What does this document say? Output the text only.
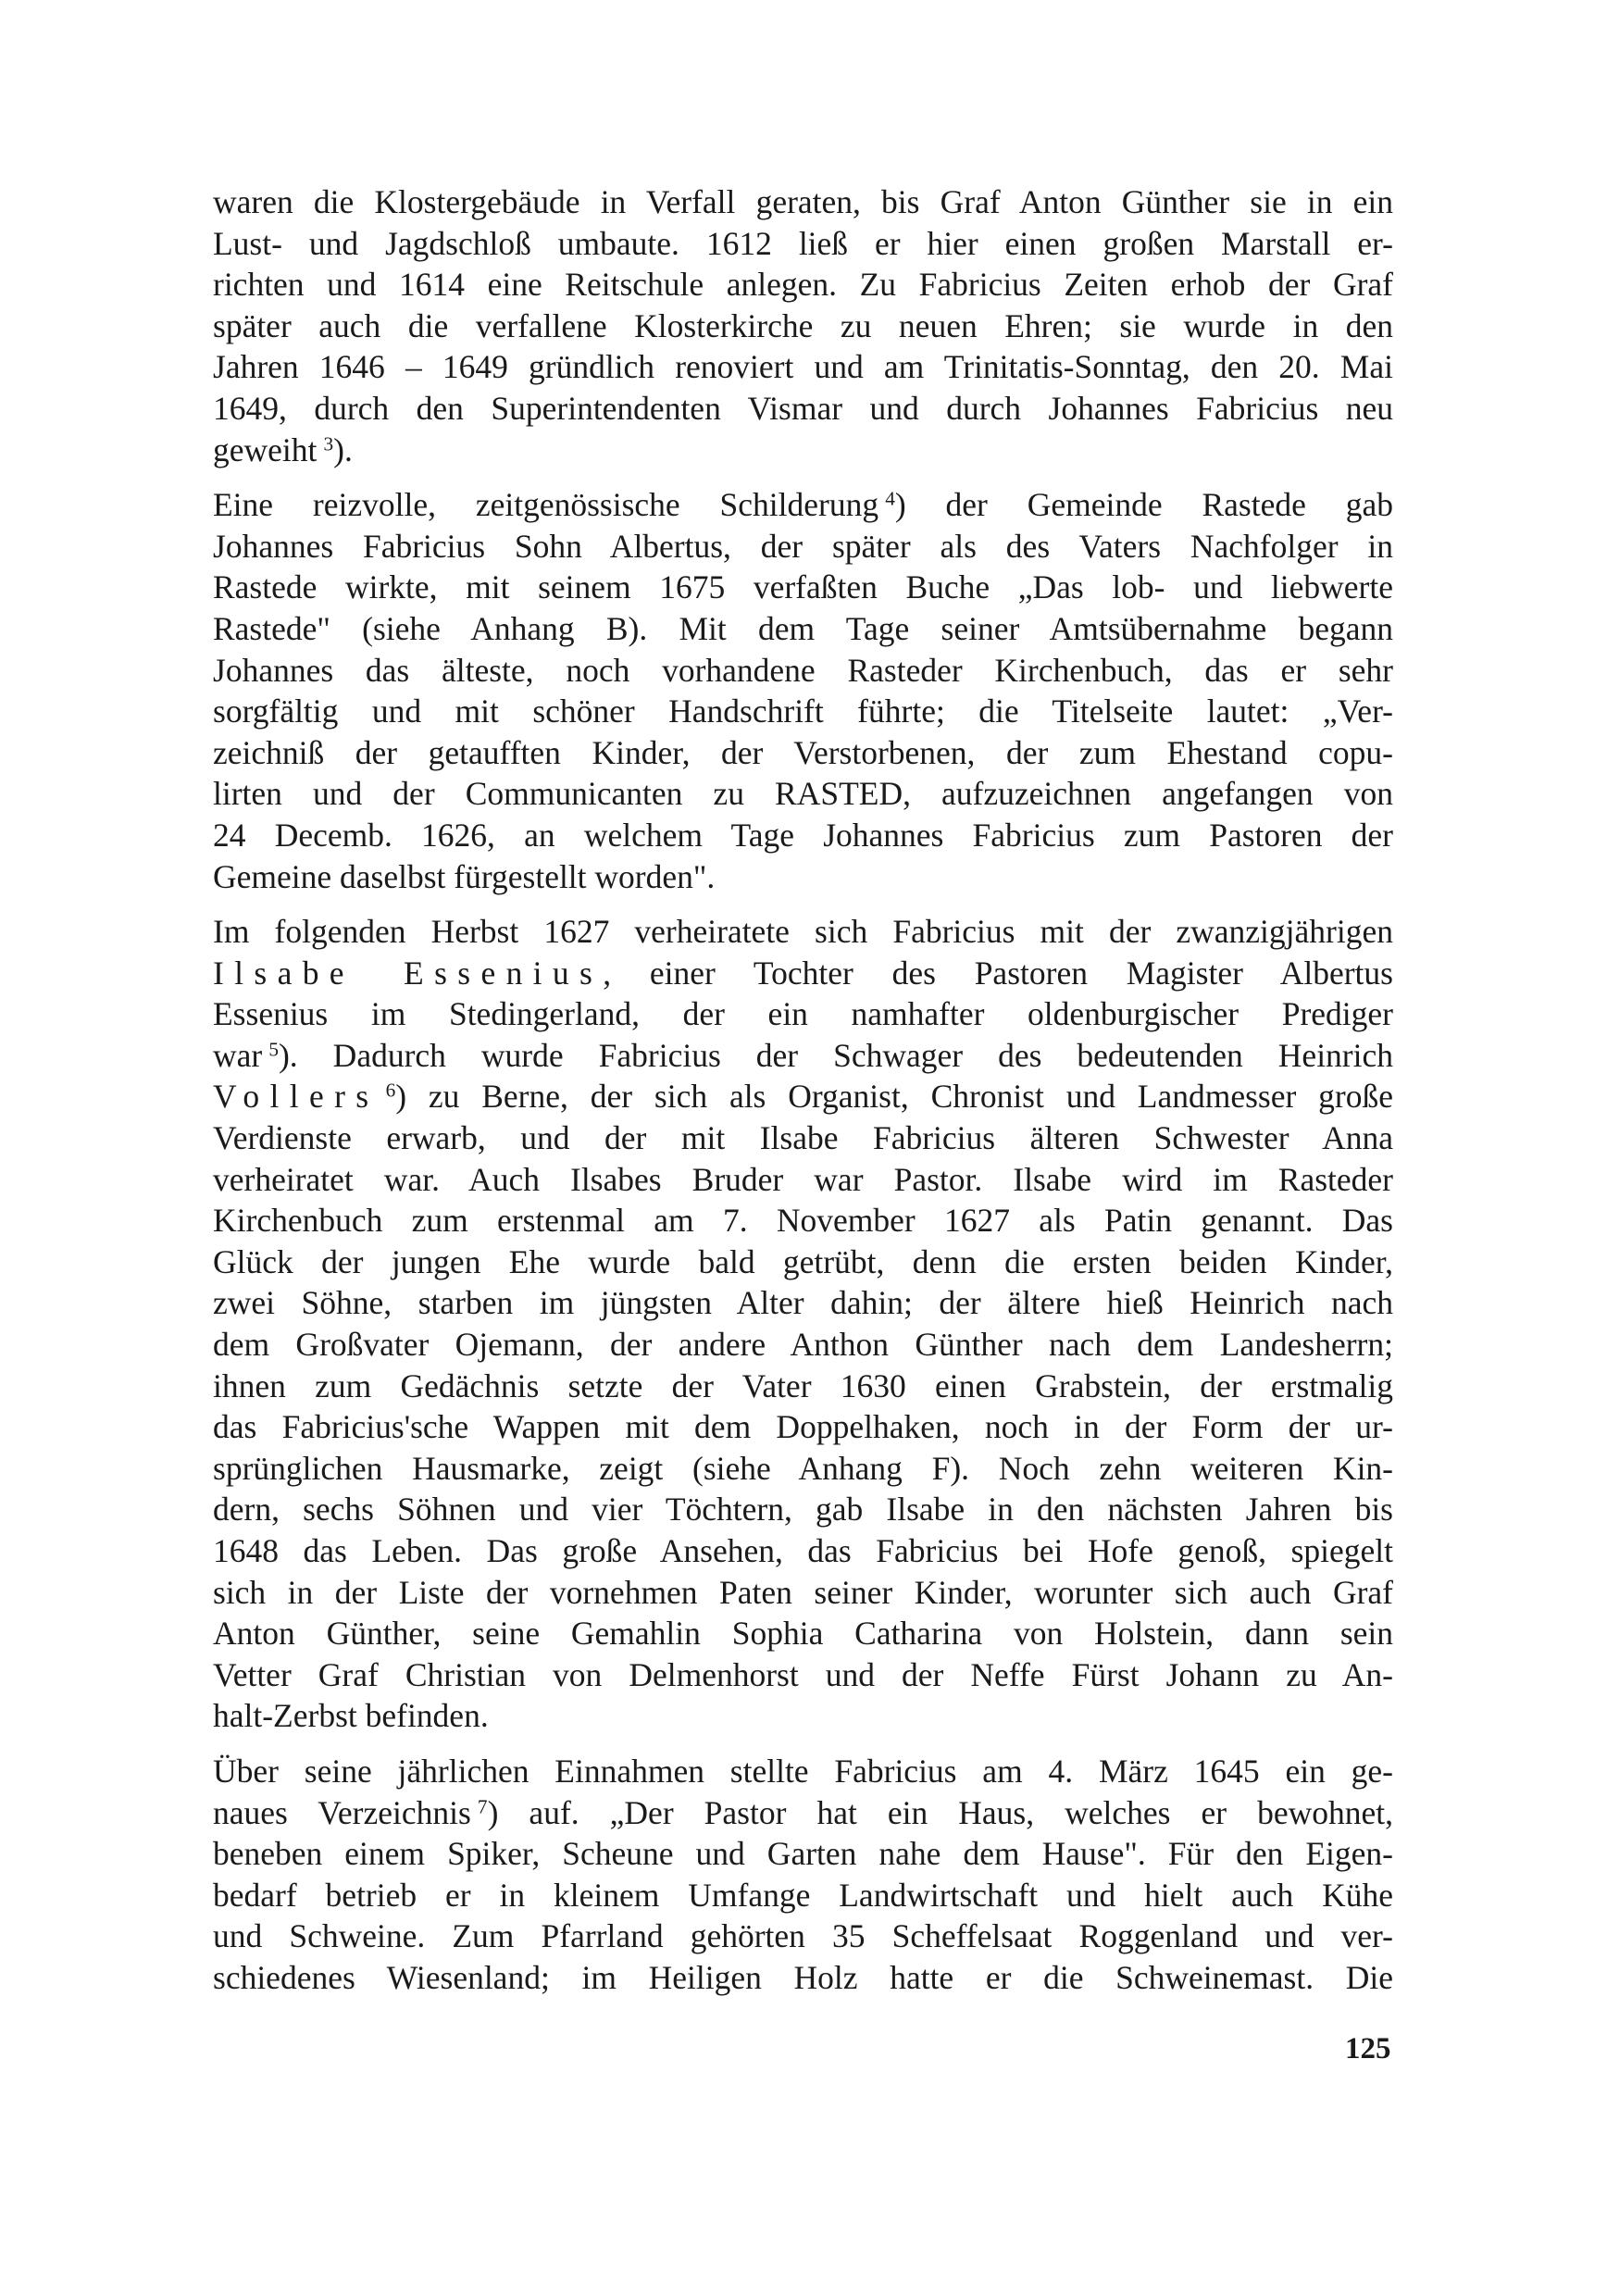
waren die Klostergebäude in Verfall geraten, bis Graf Anton Günther sie in ein
Lust- und Jagdschloß umbaute. 1612 ließ er hier einen großen Marstall er-
richten und 1614 eine Reitschule anlegen. Zu Fabricius Zeiten erhob der Graf
später auch die verfallene Klosterkirche zu neuen Ehren; sie wurde in den
Jahren 1646 – 1649 gründlich renoviert und am Trinitatis-Sonntag, den 20. Mai
1649, durch den Superintendenten Vismar und durch Johannes Fabricius neu
geweiht  $^3$).

Eine reizvolle, zeitgenössische Schilderung  $^4$) der Gemeinde Rastede gab
Johannes Fabricius Sohn Albertus, der später als des Vaters Nachfolger in
Rastede wirkte, mit seinem 1675 verfaßten Buche „Das lob- und liebwerte
Rastede" (siehe Anhang B). Mit dem Tage seiner Amtsübernahme begann
Johannes das älteste, noch vorhandene Rasteder Kirchenbuch, das er sehr
sorgfältig und mit schöner Handschrift führte; die Titelseite lautet: „Ver-
zeichniß der getaufften Kinder, der Verstorbenen, der zum Ehestand copu-
lirten und der Communicanten zu RASTED, aufzuzeichnen angefangen von
24 Decemb. 1626, an welchem Tage Johannes Fabricius zum Pastoren der
Gemeine daselbst fürgestellt worden".

Im folgenden Herbst 1627 verheiratete sich Fabricius mit der zwanzigjährigen
Ilsabe Essenius, einer Tochter des Pastoren Magister Albertus
Essenius im Stedingerland, der ein namhafter oldenburgischer Prediger
war  $^5$). Dadurch wurde Fabricius der Schwager des bedeutenden Heinrich
Vollers  $^6$) zu Berne, der sich als Organist, Chronist und Landmesser große
Verdienste erwarb, und der mit Ilsabe Fabricius älteren Schwester Anna
verheiratet war. Auch Ilsabes Bruder war Pastor. Ilsabe wird im Rasteder
Kirchenbuch zum erstenmal am 7. November 1627 als Patin genannt. Das
Glück der jungen Ehe wurde bald getrübt, denn die ersten beiden Kinder,
zwei Söhne, starben im jüngsten Alter dahin; der ältere hieß Heinrich nach
dem Großvater Ojemann, der andere Anthon Günther nach dem Landesherrn;
ihnen zum Gedächnis setzte der Vater 1630 einen Grabstein, der erstmalig
das Fabricius'sche Wappen mit dem Doppelhaken, noch in der Form der ur-
sprünglichen Hausmarke, zeigt (siehe Anhang F). Noch zehn weiteren Kin-
dern, sechs Söhnen und vier Töchtern, gab Ilsabe in den nächsten Jahren bis
1648 das Leben. Das große Ansehen, das Fabricius bei Hofe genoß, spiegelt
sich in der Liste der vornehmen Paten seiner Kinder, worunter sich auch Graf
Anton Günther, seine Gemahlin Sophia Catharina von Holstein, dann sein
Vetter Graf Christian von Delmenhorst und der Neffe Fürst Johann zu An-
halt-Zerbst befinden.

Über seine jährlichen Einnahmen stellte Fabricius am 4. März 1645 ein ge-
naues Verzeichnis  $^7$) auf. „Der Pastor hat ein Haus, welches er bewohnet,
beneben einem Spiker, Scheune und Garten nahe dem Hause". Für den Eigen-
bedarf betrieb er in kleinem Umfange Landwirtschaft und hielt auch Kühe
und Schweine. Zum Pfarrland gehörten 35 Scheffelsaat Roggenland und ver-
schiedenes Wiesenland; im Heiligen Holz hatte er die Schweinemast. Die

125
